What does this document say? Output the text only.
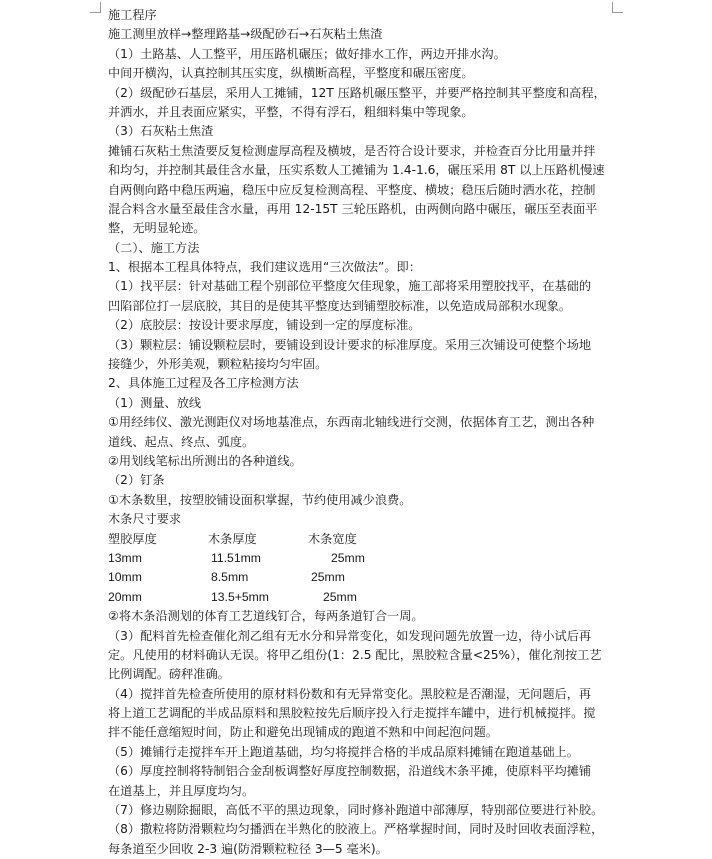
施工程序
施工测里放样→整理路基→级配砂石→石灰粘土焦渣
（1）土路基、人工整平，用压路机碾压；做好排水工作，两边开排水沟。
中间开横沟，认真控制其压实度，纵横断高程，平整度和碾压密度。
（2）级配砂石基层，采用人工摊铺，12T 压路机碾压整平，并要严格控制其平整度和高程，
并洒水，并且表面应紧实，平整，不得有浮石，粗细料集中等现象。
（3）石灰粘土焦渣
摊铺石灰粘土焦渣要反复检测虚厚高程及横坡，是否符合设计要求，并检查百分比用量并拌
和均匀，并控制其最佳含水量，压实系数人工摊铺为 1.4-1.6，碾压采用 8T 以上压路机慢速
自两侧向路中稳压两遍，稳压中应反复检测高程、平整度、横坡；稳压后随时洒水花，控制
混合料含水量至最佳含水量，再用 12-15T 三轮压路机，由两侧向路中碾压，碾压至表面平
整，无明显轮迹。
（二）、施工方法
1、根据本工程具体特点，我们建议选用“三次做法”。即：
（1）找平层：针对基础工程个别部位平整度欠佳现象，施工部将采用塑胶找平，在基础的
凹陷部位打一层底胶，其目的是使其平整度达到铺塑胶标准，以免造成局部积水现象。
（2）底胶层：按设计要求厚度，铺设到一定的厚度标准。
（3）颗粒层：铺设颗粒层时，要铺设到设计要求的标准厚度。采用三次铺设可使整个场地
接缝少，外形美观，颗粒粘接均匀牢固。
2、具体施工过程及各工序检测方法
（1）测量、放线
①用经纬仪、激光测距仪对场地基准点，东西南北轴线进行交测，依据体育工艺，测出各种
道线、起点、终点、弧度。
②用划线笔标出所测出的各种道线。
（2）钉条
①木条数里，按塑胶铺设面积掌握，节约使用减少浪费。
木条尺寸要求
塑胶厚度	木条厚度	木条宽度
13mm	11.51mm	25mm
10mm	8.5mm	25mm
20mm	13.5+5mm	25mm
②将木条沿测划的体育工艺道线钉合，每两条道钉合一周。
（3）配料首先检查催化剂乙组有无水分和异常变化，如发现问题先放置一边，待小试后再
定。凡使用的材料确认无误。将甲乙组份(1：2.5 配比，黑胶粒含量<25%），催化剂按工艺
比例调配。磅秤准确。
（4）搅拌首先检查所使用的原材料份数和有无异常变化。黑胶粒是否潮湿，无问题后，再
将上道工艺调配的半成品原料和黑胶粒按先后顺序投入行走搅拌车罐中，进行机械搅拌。搅
拌不能任意缩短时间，防止和避免出现铺成的跑道不熟和中间起泡问题。
（5）摊铺行走搅拌车开上跑道基础，均匀将搅拌合格的半成品原料摊铺在跑道基础上。
（6）厚度控制将特制铝合金刮板调整好厚度控制数据，沿道线木条平摊，使原料平均摊铺
在道基上，并且厚度均匀。
（7）修边剔除掘眼，高低不平的黑边现象，同时修补跑道中部薄厚，特别部位要进行补胶。
（8）撒粒将防滑颗粒均匀播洒在半熟化的胶液上。严格掌握时间，同时及时回收表面浮粒，
每条道至少回收 2-3 遍(防滑颗粒粒径 3—5 毫米)。
